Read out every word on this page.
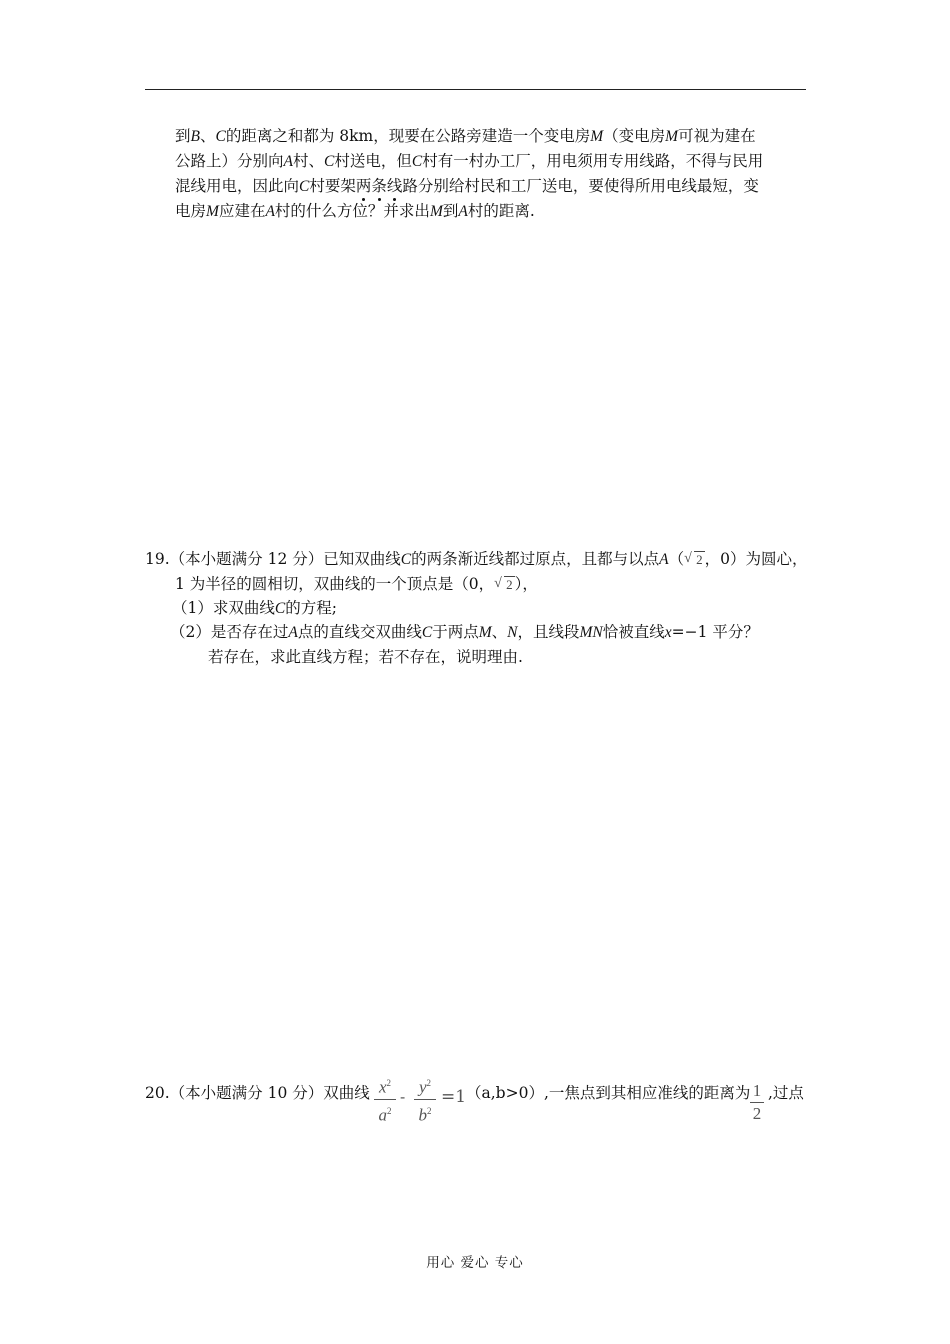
到B、C的距离之和都为 8km，现要在公路旁建造一个变电房M（变电房M可视为建在
公路上）分别向A村、C村送电，但C村有一村办工厂，用电须用专用线路，不得与民用
混线用电，因此向C村要架两条线路分别给村民和工厂送电，要使得所用电线最短，变
电房M应建在A村的什么方位？并求出M到A村的距离.
19.（本小题满分 12 分）已知双曲线C的两条渐近线都过原点，且都与以点A（ √ 2 ，0）为圆心，
1 为半径的圆相切，双曲线的一个顶点是（0， √ 2 ），
（1）求双曲线C的方程;
（2）是否存在过A点的直线交双曲线C于两点M、N，且线段MN恰被直线x=−1 平分？
若存在，求此直线方程；若不存在，说明理由.
20.（本小题满分 10 分）双曲线 $\frac{x^2}{a^2} - \frac{y^2}{b^2} =1$ （a,b>0）,一焦点到其相应准线的距离为 $\frac{1}{2}$ ,过点
用心 爱心 专心
